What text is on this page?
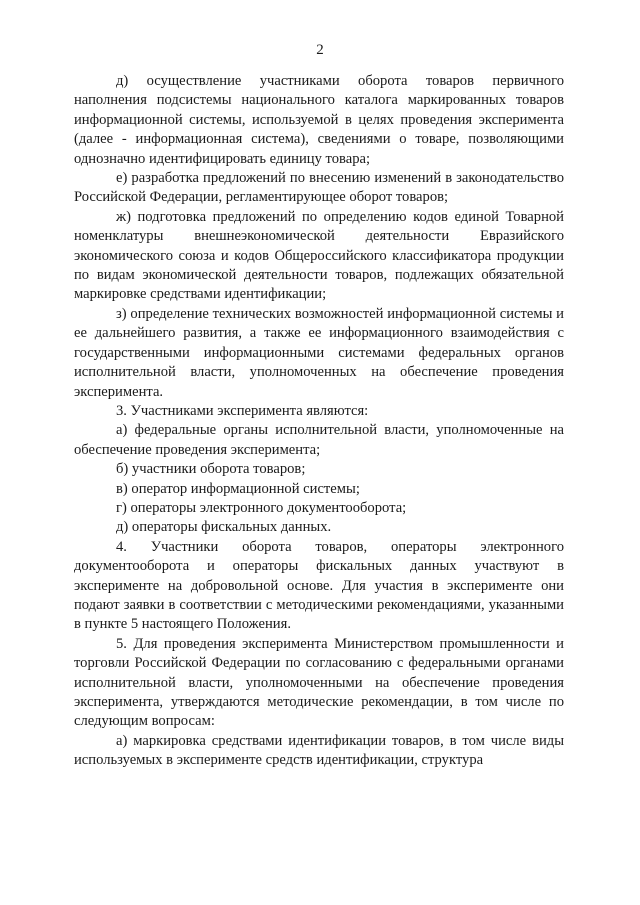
2

д) осуществление участниками оборота товаров первичного наполнения подсистемы национального каталога маркированных товаров информационной системы, используемой в целях проведения эксперимента (далее - информационная система), сведениями о товаре, позволяющими однозначно идентифицировать единицу товара;

е) разработка предложений по внесению изменений в законодательство Российской Федерации, регламентирующее оборот товаров;

ж) подготовка предложений по определению кодов единой Товарной номенклатуры внешнеэкономической деятельности Евразийского экономического союза и кодов Общероссийского классификатора продукции по видам экономической деятельности товаров, подлежащих обязательной маркировке средствами идентификации;

з) определение технических возможностей информационной системы и ее дальнейшего развития, а также ее информационного взаимодействия с государственными информационными системами федеральных органов исполнительной власти, уполномоченных на обеспечение проведения эксперимента.

3. Участниками эксперимента являются:

а) федеральные органы исполнительной власти, уполномоченные на обеспечение проведения эксперимента;

б) участники оборота товаров;

в) оператор информационной системы;

г) операторы электронного документооборота;

д) операторы фискальных данных.

4. Участники оборота товаров, операторы электронного документооборота и операторы фискальных данных участвуют в эксперименте на добровольной основе. Для участия в эксперименте они подают заявки в соответствии с методическими рекомендациями, указанными в пункте 5 настоящего Положения.

5. Для проведения эксперимента Министерством промышленности и торговли Российской Федерации по согласованию с федеральными органами исполнительной власти, уполномоченными на обеспечение проведения эксперимента, утверждаются методические рекомендации, в том числе по следующим вопросам:

а) маркировка средствами идентификации товаров, в том числе виды используемых в эксперименте средств идентификации, структура
